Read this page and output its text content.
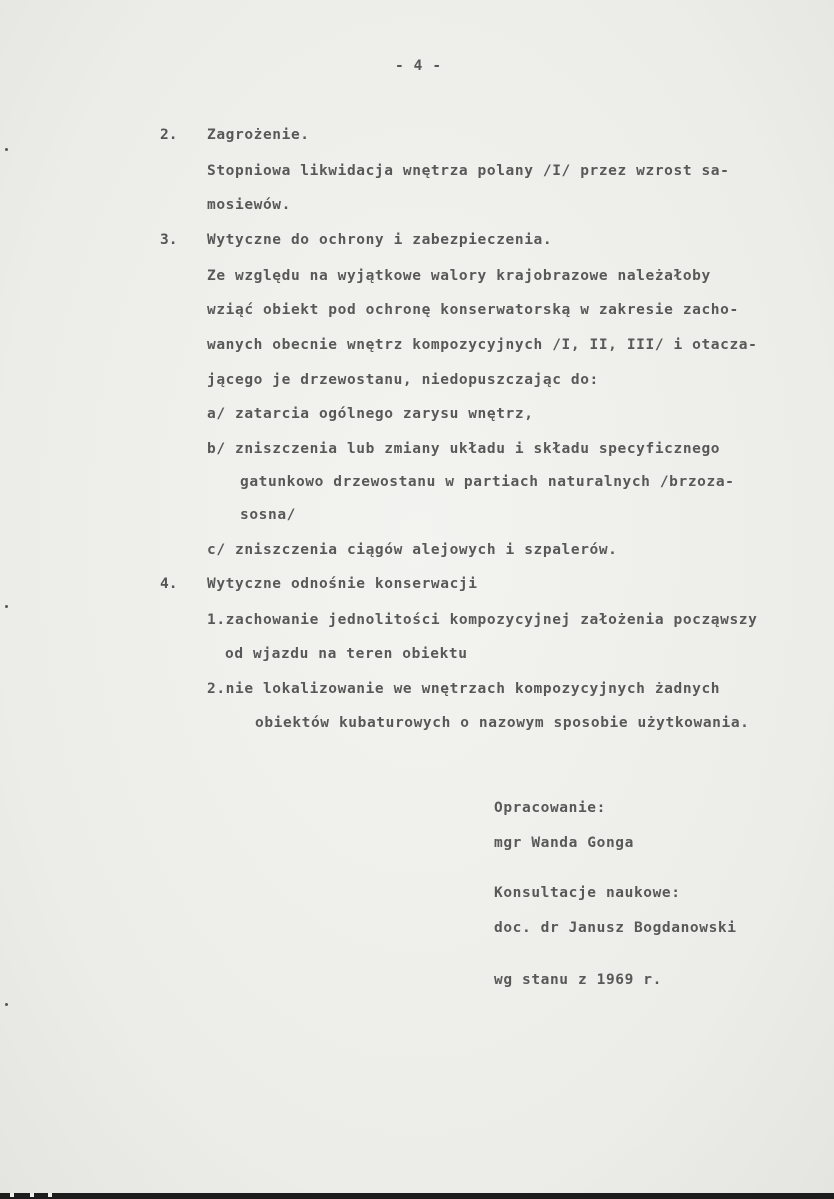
- 4 -
2. Zagrożenie.
Stopniowa likwidacja wnętrza polany /I/ przez wzrost sa-
mosiewów.
3. Wytyczne do ochrony i zabezpieczenia.
Ze względu na wyjątkowe walory krajobrazowe należałoby
wziąć obiekt pod ochronę konserwatorską w zakresie zacho-
wanych obecnie wnętrz kompozycyjnych /I, II, III/ i otacza-
jącego je drzewostanu, niedopuszczając do:
a/ zatarcia ogólnego zarysu wnętrz,
b/ zniszczenia lub zmiany układu i składu specyficznego
gatunkowo drzewostanu w partiach naturalnych /brzoza-
sosna/
c/ zniszczenia ciągów alejowych i szpalerów.
4. Wytyczne odnośnie konserwacji
1.zachowanie jednolitości kompozycyjnej założenia począwszy
od wjazdu na teren obiektu
2.nie lokalizowanie we wnętrzach kompozycyjnych żadnych
obiektów kubaturowych o nazowym sposobie użytkowania.
Opracowanie:
mgr Wanda Gonga
Konsultacje naukowe:
doc. dr Janusz Bogdanowski
wg stanu z 1969 r.
